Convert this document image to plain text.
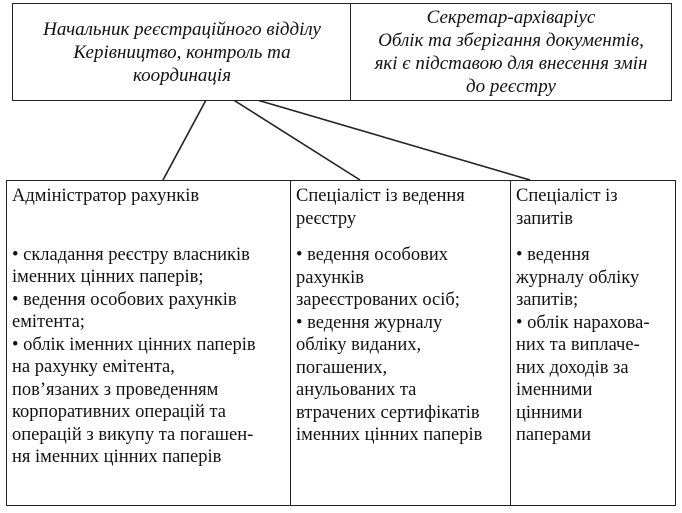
Начальник реєстраційного відділу
Керівництво, контроль та
координація
Секретар-архіваріус
Облік та зберігання документів,
які є підставою для внесення змін
до реєстру
Адміністратор рахунків
• складання реєстру власників
іменних цінних паперів;
• ведення особових рахунків
емітента;
• облік іменних цінних паперів
на рахунку емітента,
пов’язаних з проведенням
корпоративних операцій та
операцій з викупу та погашен-
ня іменних цінних паперів
Спеціаліст із ведення
реєстру
• ведення особових
рахунків
зареєстрованих осіб;
• ведення журналу
обліку виданих,
погашених,
анульованих та
втрачених сертифікатів
іменних цінних паперів
Спеціаліст із
запитів
• ведення
журналу обліку
запитів;
• облік нарахова-
них та виплаче-
них доходів за
іменними
цінними
паперами
